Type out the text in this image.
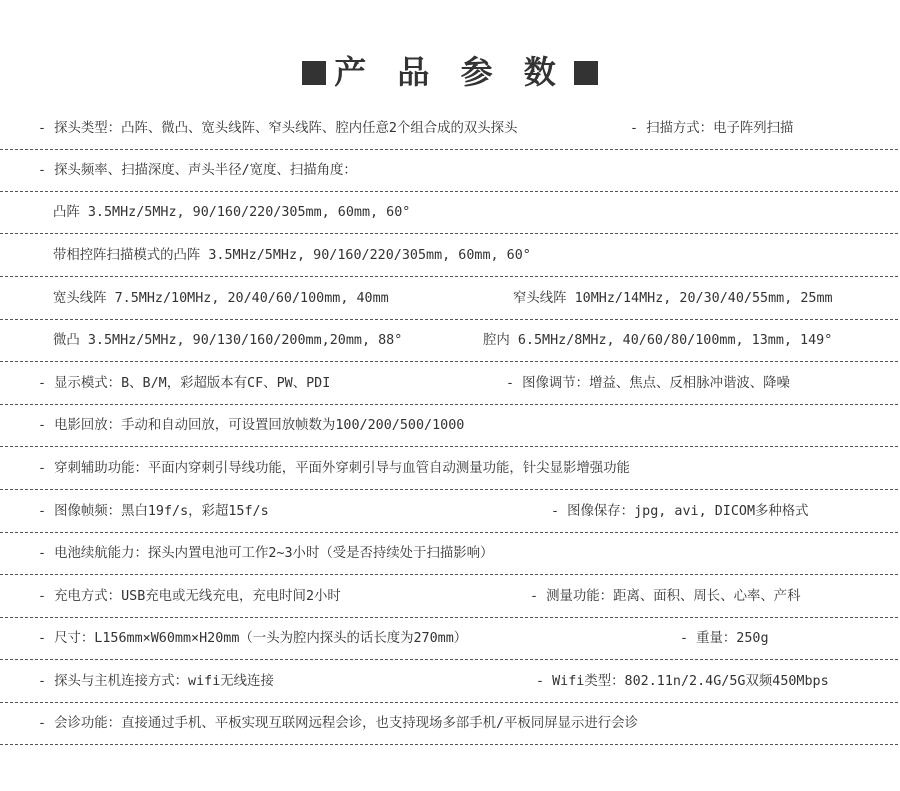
产 品 参 数
- 探头类型：凸阵、微凸、宽头线阵、窄头线阵、腔内任意2个组合成的双头探头	- 扫描方式：电子阵列扫描
- 探头频率、扫描深度、声头半径/宽度、扫描角度：
凸阵 3.5MHz/5MHz, 90/160/220/305mm, 60mm, 60°
带相控阵扫描模式的凸阵 3.5MHz/5MHz, 90/160/220/305mm, 60mm, 60°
宽头线阵 7.5MHz/10MHz, 20/40/60/100mm, 40mm	窄头线阵 10MHz/14MHz, 20/30/40/55mm, 25mm
微凸 3.5MHz/5MHz, 90/130/160/200mm,20mm, 88°	腔内 6.5MHz/8MHz, 40/60/80/100mm, 13mm, 149°
- 显示模式：B、B/M，彩超版本有CF、PW、PDI	- 图像调节：增益、焦点、反相脉冲谐波、降噪
- 电影回放：手动和自动回放，可设置回放帧数为100/200/500/1000
- 穿刺辅助功能：平面内穿刺引导线功能，平面外穿刺引导与血管自动测量功能，针尖显影增强功能
- 图像帧频：黑白19f/s，彩超15f/s	- 图像保存：jpg, avi, DICOM多种格式
- 电池续航能力：探头内置电池可工作2~3小时（受是否持续处于扫描影响）
- 充电方式：USB充电或无线充电，充电时间2小时	- 测量功能：距离、面积、周长、心率、产科
- 尺寸：L156mm×W60mm×H20mm（一头为腔内探头的话长度为270mm）	- 重量：250g
- 探头与主机连接方式：wifi无线连接	- Wifi类型：802.11n/2.4G/5G双频450Mbps
- 会诊功能：直接通过手机、平板实现互联网远程会诊，也支持现场多部手机/平板同屏显示进行会诊
